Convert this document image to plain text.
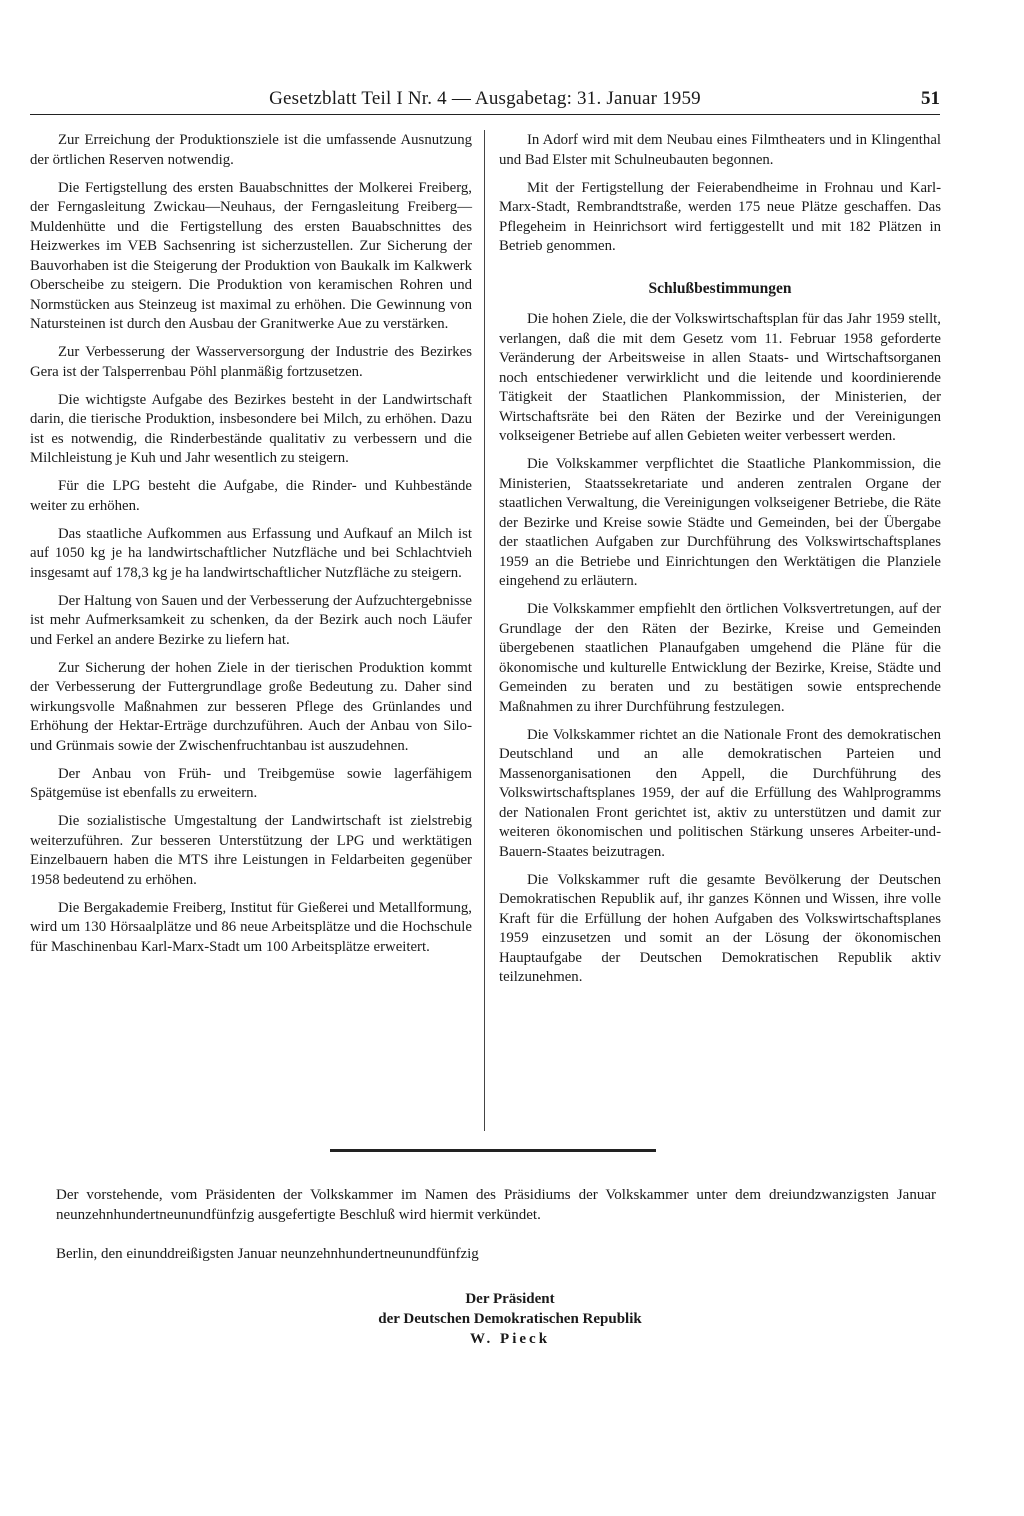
Gesetzblatt Teil I Nr. 4 — Ausgabetag: 31. Januar 1959	51

Zur Erreichung der Produktionsziele ist die umfassende Ausnutzung der örtlichen Reserven notwendig.

Die Fertigstellung des ersten Bauabschnittes der Molkerei Freiberg, der Ferngasleitung Zwickau—Neuhaus, der Ferngasleitung Freiberg—Muldenhütte und die Fertigstellung des ersten Bauabschnittes des Heizwerkes im VEB Sachsenring ist sicherzustellen. Zur Sicherung der Bauvorhaben ist die Steigerung der Produktion von Baukalk im Kalkwerk Oberscheibe zu steigern. Die Produktion von keramischen Rohren und Normstücken aus Steinzeug ist maximal zu erhöhen. Die Gewinnung von Natursteinen ist durch den Ausbau der Granitwerke Aue zu verstärken.

Zur Verbesserung der Wasserversorgung der Industrie des Bezirkes Gera ist der Talsperrenbau Pöhl planmäßig fortzusetzen.

Die wichtigste Aufgabe des Bezirkes besteht in der Landwirtschaft darin, die tierische Produktion, insbesondere bei Milch, zu erhöhen. Dazu ist es notwendig, die Rinderbestände qualitativ zu verbessern und die Milchleistung je Kuh und Jahr wesentlich zu steigern.

Für die LPG besteht die Aufgabe, die Rinder- und Kuhbestände weiter zu erhöhen.

Das staatliche Aufkommen aus Erfassung und Aufkauf an Milch ist auf 1050 kg je ha landwirtschaftlicher Nutzfläche und bei Schlachtvieh insgesamt auf 178,3 kg je ha landwirtschaftlicher Nutzfläche zu steigern.

Der Haltung von Sauen und der Verbesserung der Aufzuchtergebnisse ist mehr Aufmerksamkeit zu schenken, da der Bezirk auch noch Läufer und Ferkel an andere Bezirke zu liefern hat.

Zur Sicherung der hohen Ziele in der tierischen Produktion kommt der Verbesserung der Futtergrundlage große Bedeutung zu. Daher sind wirkungsvolle Maßnahmen zur besseren Pflege des Grünlandes und Erhöhung der Hektar-Erträge durchzuführen. Auch der Anbau von Silo- und Grünmais sowie der Zwischenfruchtanbau ist auszudehnen.

Der Anbau von Früh- und Treibgemüse sowie lagerfähigem Spätgemüse ist ebenfalls zu erweitern.

Die sozialistische Umgestaltung der Landwirtschaft ist zielstrebig weiterzuführen. Zur besseren Unterstützung der LPG und werktätigen Einzelbauern haben die MTS ihre Leistungen in Feldarbeiten gegenüber 1958 bedeutend zu erhöhen.

Die Bergakademie Freiberg, Institut für Gießerei und Metallformung, wird um 130 Hörsaalplätze und 86 neue Arbeitsplätze und die Hochschule für Maschinenbau Karl-Marx-Stadt um 100 Arbeitsplätze erweitert.

In Adorf wird mit dem Neubau eines Filmtheaters und in Klingenthal und Bad Elster mit Schulneubauten begonnen.

Mit der Fertigstellung der Feierabendheime in Frohnau und Karl-Marx-Stadt, Rembrandtstraße, werden 175 neue Plätze geschaffen. Das Pflegeheim in Heinrichsort wird fertiggestellt und mit 182 Plätzen in Betrieb genommen.

Schlußbestimmungen

Die hohen Ziele, die der Volkswirtschaftsplan für das Jahr 1959 stellt, verlangen, daß die mit dem Gesetz vom 11. Februar 1958 geforderte Veränderung der Arbeitsweise in allen Staats- und Wirtschaftsorganen noch entschiedener verwirklicht und die leitende und koordinierende Tätigkeit der Staatlichen Plankommission, der Ministerien, der Wirtschaftsräte bei den Räten der Bezirke und der Vereinigungen volkseigener Betriebe auf allen Gebieten weiter verbessert werden.

Die Volkskammer verpflichtet die Staatliche Plankommission, die Ministerien, Staatssekretariate und anderen zentralen Organe der staatlichen Verwaltung, die Vereinigungen volkseigener Betriebe, die Räte der Bezirke und Kreise sowie Städte und Gemeinden, bei der Übergabe der staatlichen Aufgaben zur Durchführung des Volkswirtschaftsplanes 1959 an die Betriebe und Einrichtungen den Werktätigen die Planziele eingehend zu erläutern.

Die Volkskammer empfiehlt den örtlichen Volksvertretungen, auf der Grundlage der den Räten der Bezirke, Kreise und Gemeinden übergebenen staatlichen Planaufgaben umgehend die Pläne für die ökonomische und kulturelle Entwicklung der Bezirke, Kreise, Städte und Gemeinden zu beraten und zu bestätigen sowie entsprechende Maßnahmen zu ihrer Durchführung festzulegen.

Die Volkskammer richtet an die Nationale Front des demokratischen Deutschland und an alle demokratischen Parteien und Massenorganisationen den Appell, die Durchführung des Volkswirtschaftsplanes 1959, der auf die Erfüllung des Wahlprogramms der Nationalen Front gerichtet ist, aktiv zu unterstützen und damit zur weiteren ökonomischen und politischen Stärkung unseres Arbeiter-und-Bauern-Staates beizutragen.

Die Volkskammer ruft die gesamte Bevölkerung der Deutschen Demokratischen Republik auf, ihr ganzes Können und Wissen, ihre volle Kraft für die Erfüllung der hohen Aufgaben des Volkswirtschaftsplanes 1959 einzusetzen und somit an der Lösung der ökonomischen Hauptaufgabe der Deutschen Demokratischen Republik aktiv teilzunehmen.

Der vorstehende, vom Präsidenten der Volkskammer im Namen des Präsidiums der Volkskammer unter dem dreiundzwanzigsten Januar neunzehnhundertneunundfünfzig ausgefertigte Beschluß wird hiermit verkündet.
Berlin, den einunddreißigsten Januar neunzehnhundertneunundfünfzig
Der Präsident
der Deutschen Demokratischen Republik
W. Pieck
